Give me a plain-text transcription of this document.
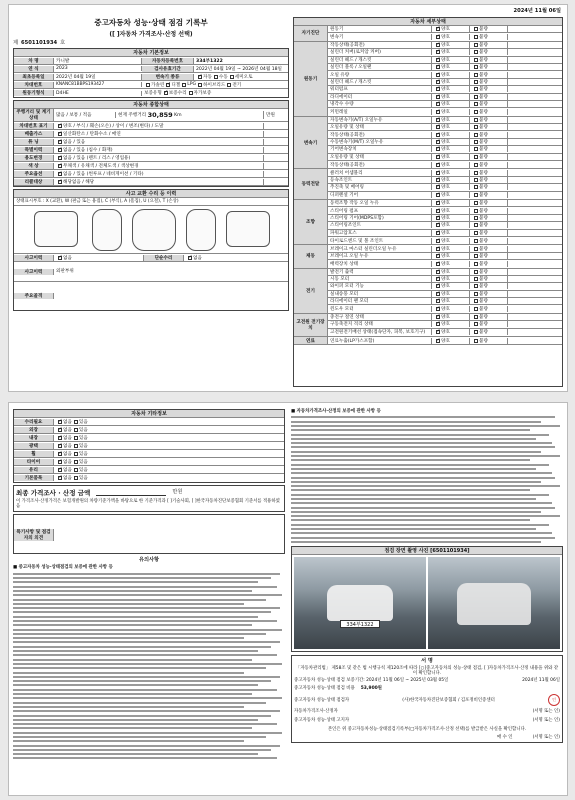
2024년 11월 06일
중고자동차 성능·상태 점검 기록부
([ ]자동차 가격조사·산정 선택)
제 6501101934 호
자동차 기본정보
차 명	카니발	자동차등록번호	334부1322
연 식	2023	검사유효기간	2022년 04월 19일 ~ 2026년 04월 18일
최초등록일	2022년 04월 19일	변속기 종류 ✓	자동 수동 세미오토
차대번호	KNANC81BBPS193427	가솔린 ✓ 디젤 LPG 하이브리드 전기
원동기형식	D4HE	보증유형 ✓ 보증수리 자가보증
자동차 종합상태
주행거리 및 계기상태
많음 / 보통 / 적음	현재 주행거리
30,859
Km	만원
차대번호 표기 ✓	양호 / 부식 / 훼손(오손) / 상이 / 변조(변타) / 도말
배출가스 ✓	일산화탄소 / 탄화수소 / 매연
튜 닝 ✓	없음 / 있음
특별이력 ✓	없음 / 있음 (침수 / 화재)
용도변경 ✓	없음 / 있음 (렌트 / 리스 / 영업용)
색 상 ✓	무채색 / 유채색 / 전체도색 / 색상변경
주요옵션 ✓	없음 / 있음 (썬루프 / 네비게이션 / 기타)
리콜대상 ✓	해당없음 / 해당
사고 교환 수리 등 이력
상태표시부호 : X (교환), W (판금 또는 용접), C (부식), A (흠집), U (요철), T (손상)
사고이력 ✓	없음	단순수리 ✓	없음
사고이력	외판부위
주요골격
자동차 세부상태
자기진단
원동기 ✓	양호	불량
변속기 ✓	양호	불량
원동기
작동상태(공회전) ✓	양호	불량
실린더 커버(로커암 커버) ✓	양호	불량
실린더 헤드 / 개스킷 ✓	양호	불량
실린더 블록 / 오일팬 ✓	양호	불량
오일 유량 ✓	양호	불량
실린더 헤드 / 개스킷 ✓	양호	불량
워터펌프 ✓	양호	불량
라디에이터 ✓	양호	불량
냉각수 수량 ✓	양호	불량
커먼레일 ✓	양호	불량
변속기
자동변속기(A/T) 오일누유 ✓	양호	불량
오일유량 및 상태 ✓	양호	불량
작동상태(공회전) ✓	양호	불량
수동변속기(M/T) 오일누유 ✓	양호	불량
기어변속장치 ✓	양호	불량
오일유량 및 상태 ✓	양호	불량
작동상태(공회전) ✓	양호	불량
동력전달
클러치 어셈블리 ✓	양호	불량
등속조인트 ✓	양호	불량
추진축 및 베어링 ✓	양호	불량
디퍼렌셜 기어 ✓	양호	불량
조향
동력조향 작동 오일 누유 ✓	양호	불량
스티어링 펌프 ✓	양호	불량
스티어링 기어(MDPS포함) ✓	양호	불량
스티어링조인트 ✓	양호	불량
파워고압호스 ✓	양호	불량
타이로드엔드 및 볼 조인트 ✓	양호	불량
제동
브레이크 마스터 실린더오일 누유 ✓	양호	불량
브레이크 오일 누유 ✓	양호	불량
배력장치 상태 ✓	양호	불량
전기
발전기 출력 ✓	양호	불량
시동 모터 ✓	양호	불량
와이퍼 모터 기능 ✓	양호	불량
실내송풍 모터 ✓	양호	불량
라디에이터 팬 모터 ✓	양호	불량
윈도우 모터 ✓	양호	불량
고전원 전기장치
충전구 절연 상태 ✓	양호	불량
구동축전지 격리 상태 ✓	양호	불량
고전원전기배선 상태(접속단자, 피복, 보호기구) ✓	양호	불량
연료	연료누출(LP가스포함) ✓	양호	불량
자동차 기타정보
수리필요 ✓	없음 있음
외장 ✓	없음 있음
내장 ✓	없음 있음
광택 ✓	없음 있음
휠 ✓	없음 있음
타이어 ✓	없음 있음
유리 ✓	없음 있음
기본품목 ✓	없음 있음
최종 가격조사 · 산정 금액	만원
이 가격조사·산정가격은 보험개발원의 차량기준가액을 바탕으로 한 기준가격과 [ ]기술사회, [ ]한국자동차진단보증협회 기준서를 적용하였음
특기사항 및 점검자의 의견
유의사항
■ 중고자동차 성능·상태점검의 보증에 관한 사항 등
■ 자동차가격조사·산정의 보증에 관한 사항 등
점검 장면 촬영 사진 [6501101934]
334부1322
서 명
「자동차관리법」 제58조 및 같은 법 시행규칙 제120조에 따라 [○]중고자동차의 성능·상태 점검, [ ]자동차가격조사·산정 내용을 위와 같이 확인합니다.
중고자동차 성능·상태 점검 보증기간: 2024년 11월 06일 ~ 2025년 03월 05일	2024년 11월 06일
중고자동차 성능·상태 점검 비용 53,900원
중고자동차 성능·상태 점검자	(사)한국자동차진단보증협회 / 김포정비인증센터	인
자동차가격조사·산정자	(서명 또는 인)
중고자동차 성능·상태 고지자	(서명 또는 인)
본인은 위 중고자동차성능·상태점검기록부(□자동차가격조사·산정 선택)를 발급받은 사실을 확인합니다.
매 수 인	(서명 또는 인)
